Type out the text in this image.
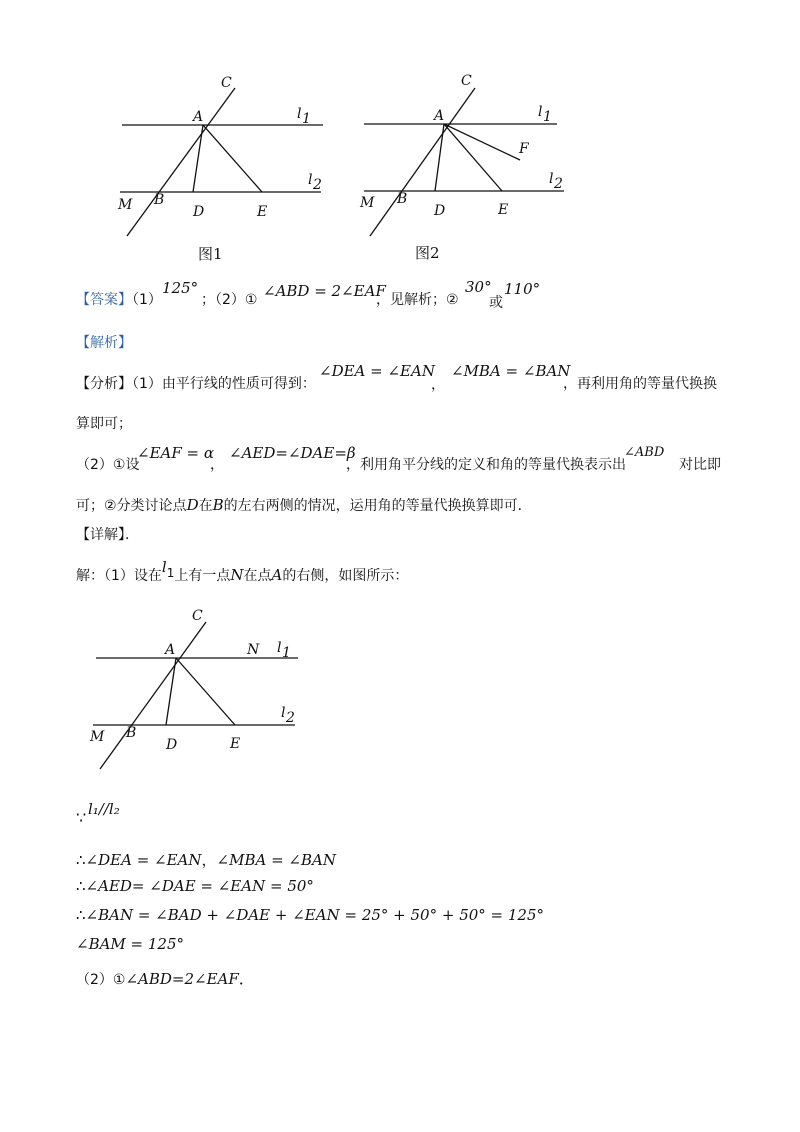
C
A	l 1
l 2
M B
D	E
图1
C
A	l 1
F
l 2
M B
D	E
图2
C
A	N l 1
l 2
M B
D	E
【答案】（1）
125°
；（2）① ∠ABD = 2∠EAF
，见解析；②
30°
或
110°
【解析】
【分析】（1）由平行线的性质可得到：
∠DEA = ∠EAN
，
∠MBA = ∠BAN
，再利用角的等量代换换
算即可；
（2）①设
∠EAF = α
，
∠AED=∠DAE=β
，利用角平分线的定义和角的等量代换表示出
∠ABD
对比即
可；②分类讨论点D在B的左右两侧的情况，运用角的等量代换换算即可．
【详解】．
解：（1）设在l1上有一点N在点A的右侧，如图所示：
∵ l₁//l₂
∴∠DEA = ∠EAN，∠MBA = ∠BAN
∴∠AED= ∠DAE = ∠EAN = 50°
∴∠BAN = ∠BAD + ∠DAE + ∠EAN = 25° + 50° + 50° = 125°
∠BAM = 125°
（2）①∠ABD=2∠EAF．
